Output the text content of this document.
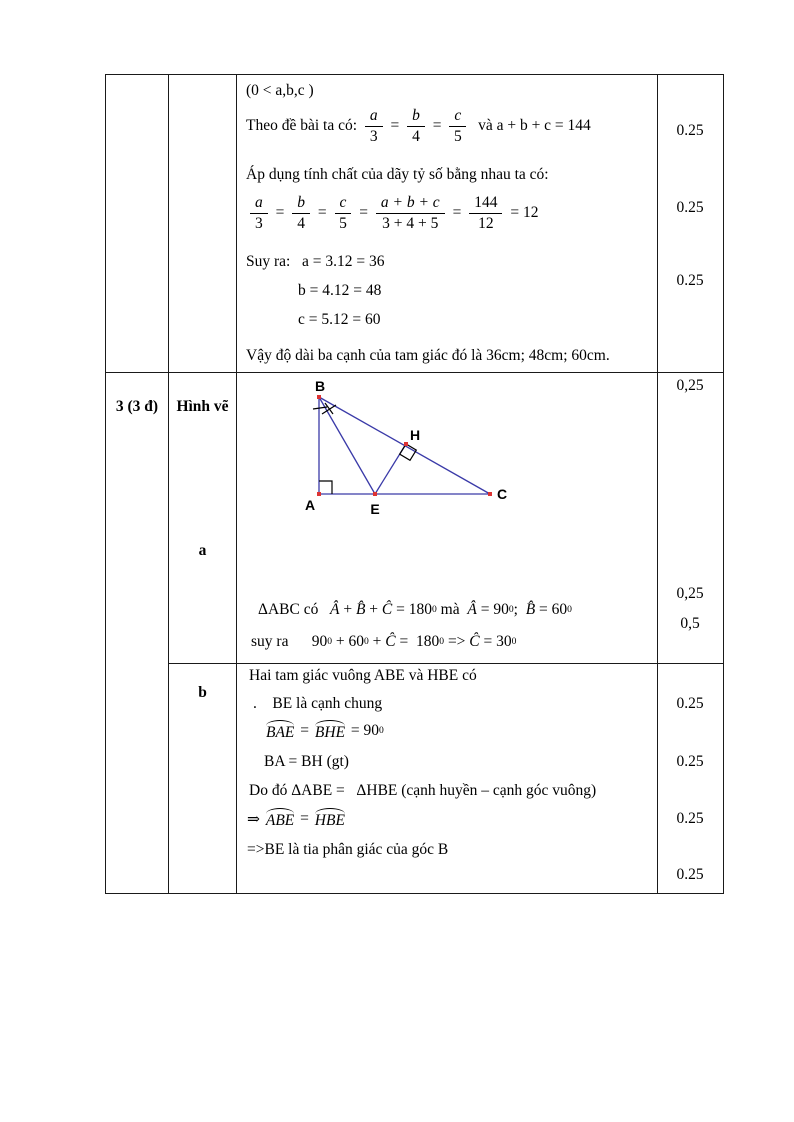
(0 < a,b,c )
Theo đề bài ta có: $\frac{a}{3} = \frac{b}{4} = \frac{c}{5}$ và a + b + c = 144
Áp dụng tính chất của dãy tỷ số bằng nhau ta có:
$\frac{a}{3} = \frac{b}{4} = \frac{c}{5} = \frac{a + b + c}{3 + 4 + 5} = \frac{144}{12} = 12$
Suy ra:   a = 3.12 = 36
b = 4.12 = 48
c = 5.12 = 60
Vậy độ dài ba cạnh của tam giác đó là 36cm; 48cm; 60cm.
0.25
0.25
0.25
3 (3 đ)	Hình vẽ
a
b
B
H
A	E
C
ΔABC có Â + B̂ + Ĉ = 180 0 mà Â = 90 0 ; B̂ = 60 0
suy ra      90 0 + 60 0 + Ĉ =  180 0 => Ĉ = 30 0
0,25
0,25
0,5
Hai tam giác vuông ABE và HBE có
.    BE là cạnh chung
BAE = BHE = 90 0
BA = BH (gt)
Do đó ΔABE =   ΔHBE (cạnh huyền – cạnh góc vuông)
⇒ ABE = HBE
=>BE là tia phân giác của góc B
0.25
0.25
0.25
0.25
